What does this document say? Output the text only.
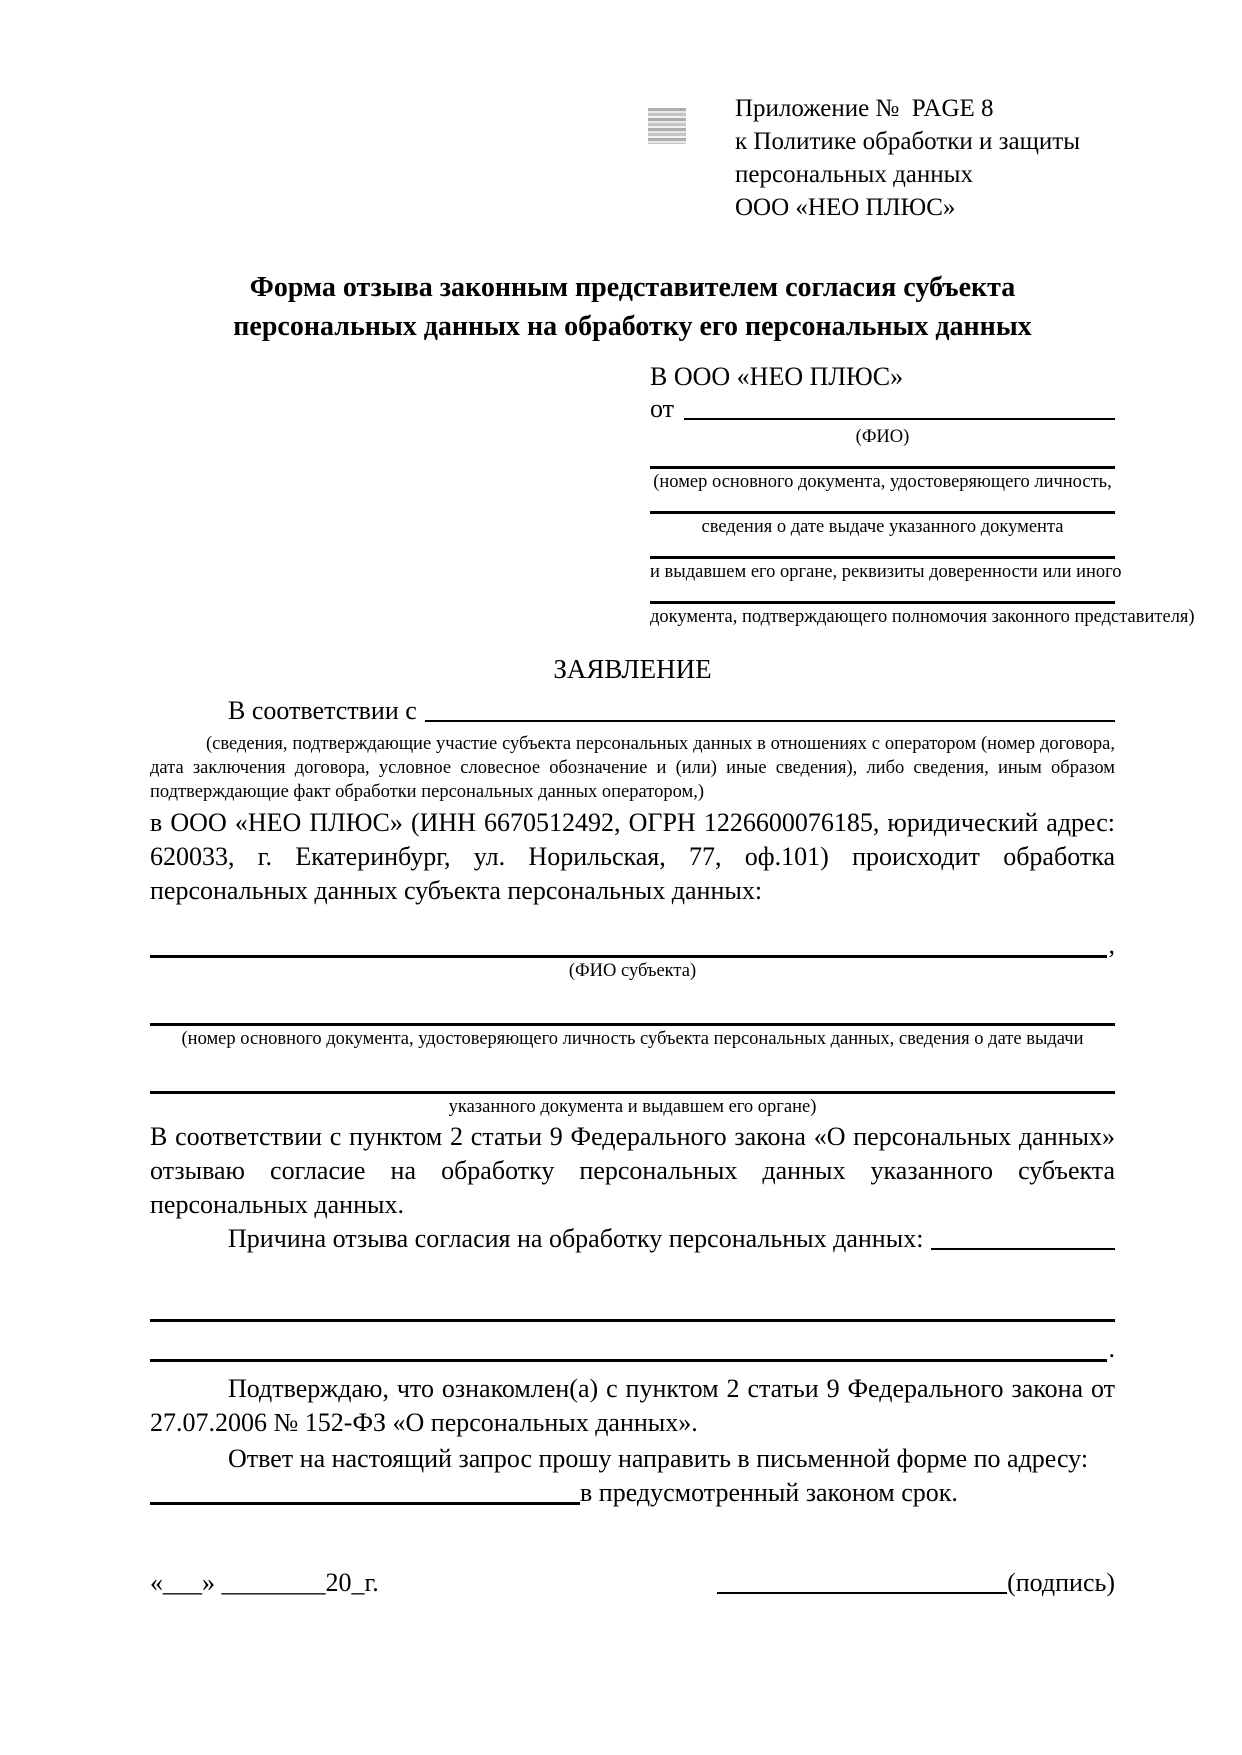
Приложение №  PAGE 8
к Политике обработки и защиты
персональных данных
ООО «НЕО ПЛЮС»
Форма отзыва законным представителем согласия субъекта
персональных данных на обработку его персональных данных
В ООО «НЕО ПЛЮС»
от
(ФИО)
(номер основного документа, удостоверяющего личность,
сведения о дате выдаче указанного документа
и выдавшем его органе, реквизиты доверенности или иного
документа, подтверждающего полномочия законного представителя)
ЗАЯВЛЕНИЕ
В соответствии с
(сведения, подтверждающие участие субъекта персональных данных в отношениях с оператором (номер договора, дата заключения договора, условное словесное обозначение и (или) иные сведения), либо сведения, иным образом подтверждающие факт обработки персональных данных оператором,)
в ООО «НЕО ПЛЮС» (ИНН 6670512492, ОГРН 1226600076185, юридический адрес: 620033, г. Екатеринбург, ул. Норильская, 77, оф.101) происходит обработка персональных данных субъекта персональных данных:
,
(ФИО субъекта)
(номер основного документа, удостоверяющего личность субъекта персональных данных, сведения о дате выдачи
указанного документа и выдавшем его органе)
В соответствии с пунктом 2 статьи 9 Федерального закона «О персональных данных» отзываю согласие на обработку персональных данных указанного субъекта персональных данных.
Причина отзыва согласия на обработку персональных данных:
.
Подтверждаю, что ознакомлен(а) с пунктом 2 статьи 9 Федерального закона от 27.07.2006 № 152-ФЗ «О персональных данных».
Ответ на настоящий запрос прошу направить в письменной форме по адресу:
в предусмотренный законом срок.
«___» ________20_г.	(подпись)
